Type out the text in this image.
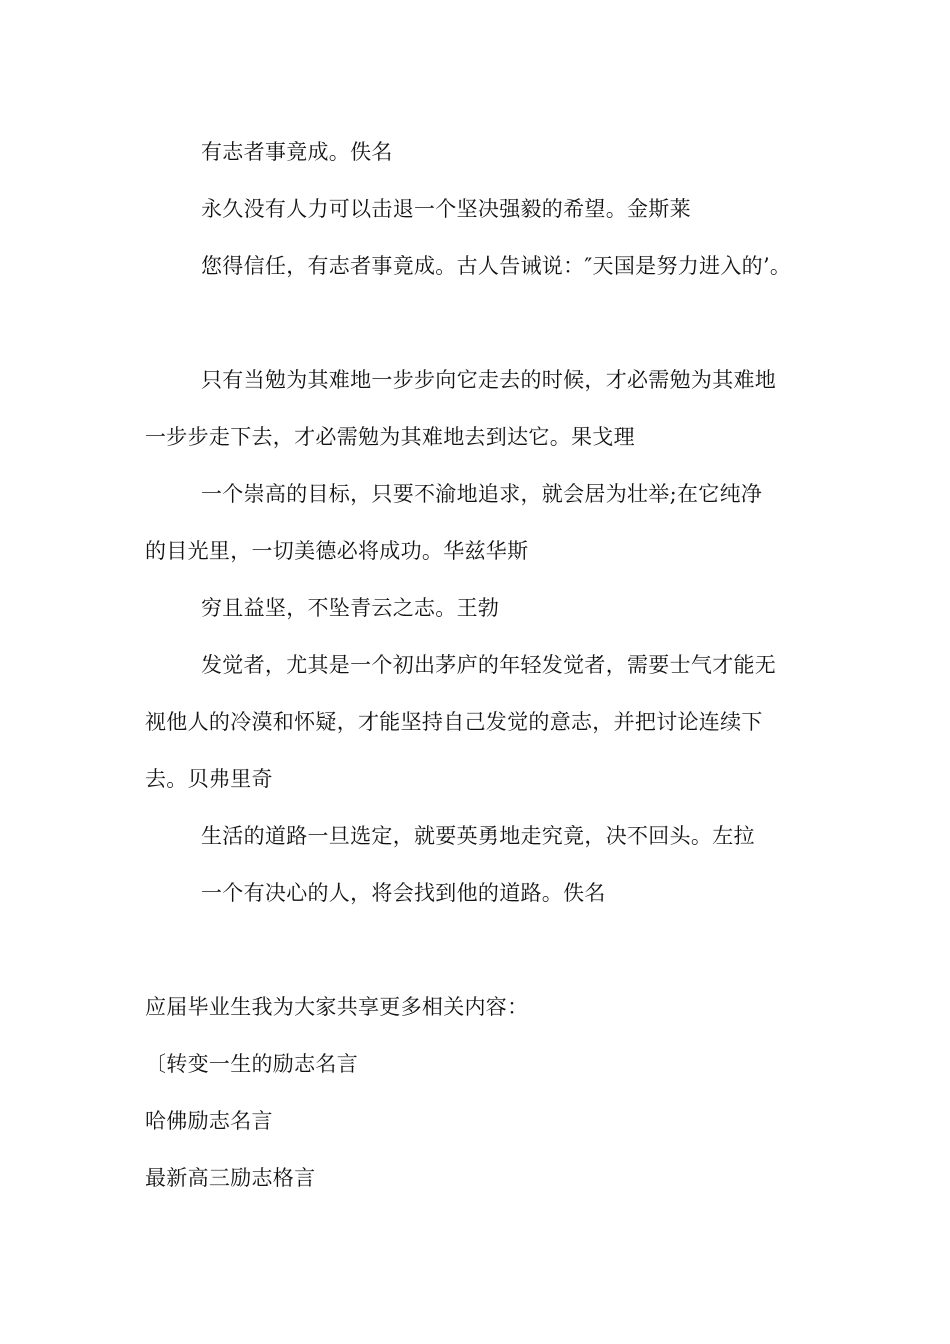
有志者事竟成。佚名
永久没有人力可以击退一个坚决强毅的希望。金斯莱
您得信任，有志者事竟成。古人告诫说：″天国是努力进入的’。
只有当勉为其难地一步步向它走去的时候，才必需勉为其难地
一步步走下去，才必需勉为其难地去到达它。果戈理
一个崇高的目标，只要不渝地追求，就会居为壮举;在它纯净
的目光里，一切美德必将成功。华兹华斯
穷且益坚，不坠青云之志。王勃
发觉者，尤其是一个初出茅庐的年轻发觉者，需要士气才能无
视他人的冷漠和怀疑，才能坚持自己发觉的意志，并把讨论连续下
去。贝弗里奇
生活的道路一旦选定，就要英勇地走究竟，决不回头。左拉
一个有决心的人，将会找到他的道路。佚名
应届毕业生我为大家共享更多相关内容：
〔转变一生的励志名言
哈佛励志名言
最新高三励志格言
